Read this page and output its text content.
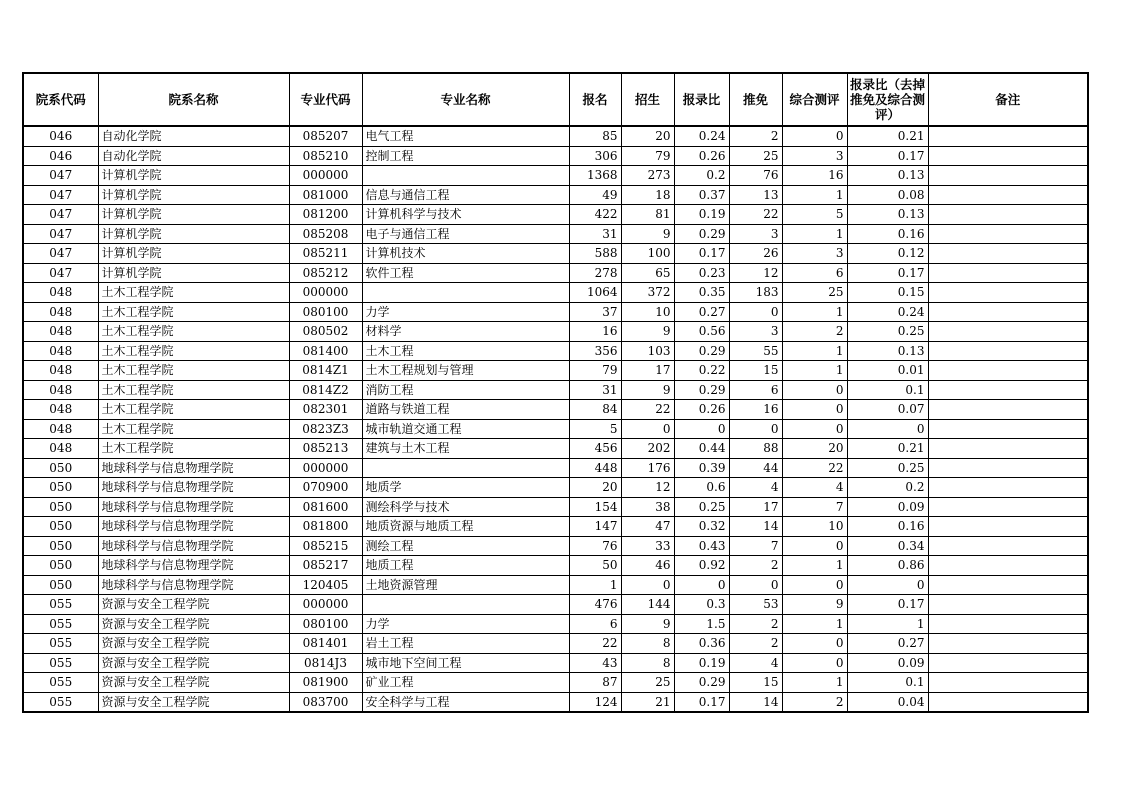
院系代码	院系名称	专业代码	专业名称	报名	招生	报录比	推免	综合测评	报录比（去掉推免及综合测评）	备注
046	自动化学院	085207	电气工程	85	20	0.24	2	0	0.21	
046	自动化学院	085210	控制工程	306	79	0.26	25	3	0.17	
047	计算机学院	000000		1368	273	0.2	76	16	0.13	
047	计算机学院	081000	信息与通信工程	49	18	0.37	13	1	0.08	
047	计算机学院	081200	计算机科学与技术	422	81	0.19	22	5	0.13	
047	计算机学院	085208	电子与通信工程	31	9	0.29	3	1	0.16	
047	计算机学院	085211	计算机技术	588	100	0.17	26	3	0.12	
047	计算机学院	085212	软件工程	278	65	0.23	12	6	0.17	
048	土木工程学院	000000		1064	372	0.35	183	25	0.15	
048	土木工程学院	080100	力学	37	10	0.27	0	1	0.24	
048	土木工程学院	080502	材料学	16	9	0.56	3	2	0.25	
048	土木工程学院	081400	土木工程	356	103	0.29	55	1	0.13	
048	土木工程学院	0814Z1	土木工程规划与管理	79	17	0.22	15	1	0.01	
048	土木工程学院	0814Z2	消防工程	31	9	0.29	6	0	0.1	
048	土木工程学院	082301	道路与铁道工程	84	22	0.26	16	0	0.07	
048	土木工程学院	0823Z3	城市轨道交通工程	5	0	0	0	0	0	
048	土木工程学院	085213	建筑与土木工程	456	202	0.44	88	20	0.21	
050	地球科学与信息物理学院	000000		448	176	0.39	44	22	0.25	
050	地球科学与信息物理学院	070900	地质学	20	12	0.6	4	4	0.2	
050	地球科学与信息物理学院	081600	测绘科学与技术	154	38	0.25	17	7	0.09	
050	地球科学与信息物理学院	081800	地质资源与地质工程	147	47	0.32	14	10	0.16	
050	地球科学与信息物理学院	085215	测绘工程	76	33	0.43	7	0	0.34	
050	地球科学与信息物理学院	085217	地质工程	50	46	0.92	2	1	0.86	
050	地球科学与信息物理学院	120405	土地资源管理	1	0	0	0	0	0	
055	资源与安全工程学院	000000		476	144	0.3	53	9	0.17	
055	资源与安全工程学院	080100	力学	6	9	1.5	2	1	1	
055	资源与安全工程学院	081401	岩土工程	22	8	0.36	2	0	0.27	
055	资源与安全工程学院	0814J3	城市地下空间工程	43	8	0.19	4	0	0.09	
055	资源与安全工程学院	081900	矿业工程	87	25	0.29	15	1	0.1	
055	资源与安全工程学院	083700	安全科学与工程	124	21	0.17	14	2	0.04	
